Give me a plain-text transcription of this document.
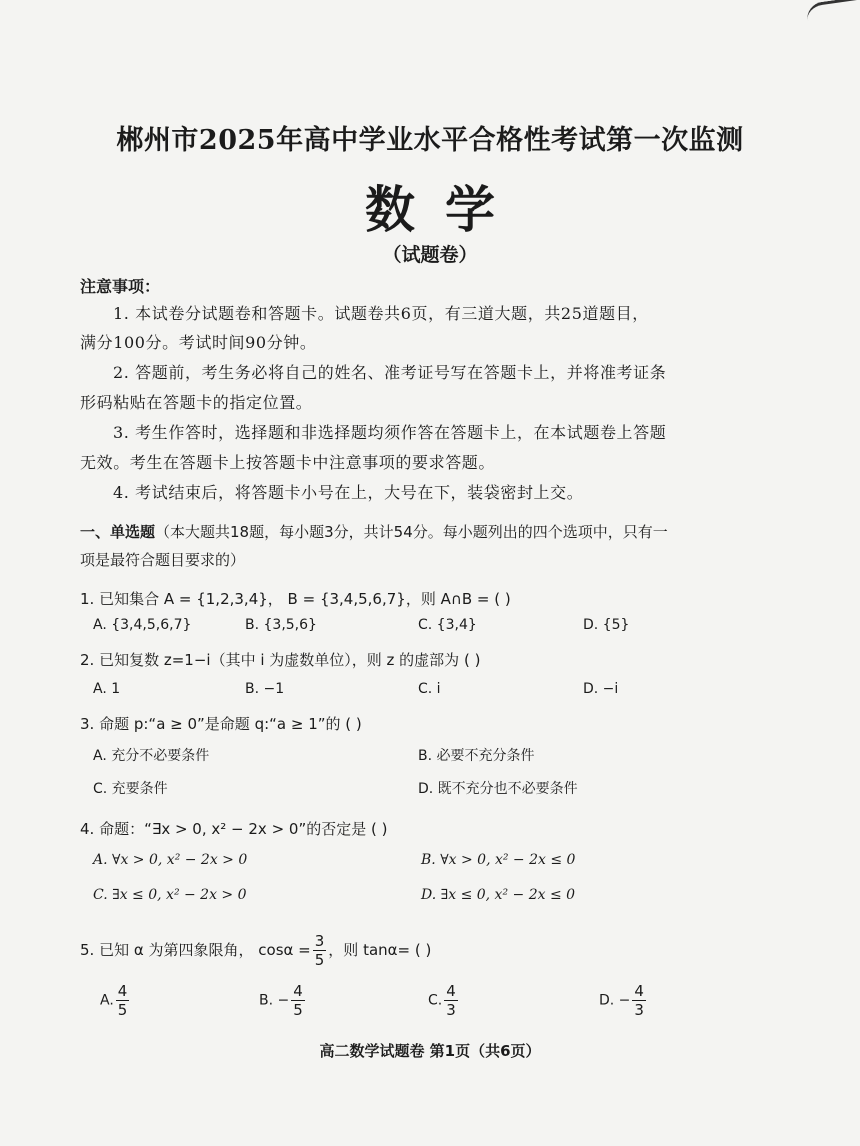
郴州市2025年高中学业水平合格性考试第一次监测
数学
（试题卷）
注意事项：
1. 本试卷分试题卷和答题卡。试题卷共6页，有三道大题，共25道题目，
满分100分。考试时间90分钟。
2. 答题前，考生务必将自己的姓名、准考证号写在答题卡上，并将准考证条
形码粘贴在答题卡的指定位置。
3. 考生作答时，选择题和非选择题均须作答在答题卡上，在本试题卷上答题
无效。考生在答题卡上按答题卡中注意事项的要求答题。
4. 考试结束后，将答题卡小号在上，大号在下，装袋密封上交。
一、单选题（本大题共18题，每小题3分，共计54分。每小题列出的四个选项中，只有一
项是最符合题目要求的）
1. 已知集合 A = {1,2,3,4}， B = {3,4,5,6,7}，则 A∩B = ( )
A. {3,4,5,6,7}	B. {3,5,6}	C. {3,4}	D. {5}
2. 已知复数 z=1−i（其中 i 为虚数单位），则 z 的虚部为 ( )
A. 1	B. −1	C. i	D. −i
3. 命题 p:“a ≥ 0”是命题 q:“a ≥ 1”的 ( )
A. 充分不必要条件	B. 必要不充分条件
C. 充要条件	D. 既不充分也不必要条件
4. 命题：“∃x > 0, x² − 2x > 0”的否定是 ( )
A. ∀x > 0, x² − 2x > 0	B. ∀x > 0, x² − 2x ≤ 0
C. ∃x ≤ 0, x² − 2x > 0	D. ∃x ≤ 0, x² − 2x ≤ 0
5. 已知 α 为第四象限角， $\cos\alpha = \frac{3}{5}$ ，则 tanα= ( )
A. $\frac{4}{5}$	B. − $\frac{4}{5}$	C. $\frac{4}{3}$	D. − $\frac{4}{3}$
高二数学试题卷 第1页（共6页）
